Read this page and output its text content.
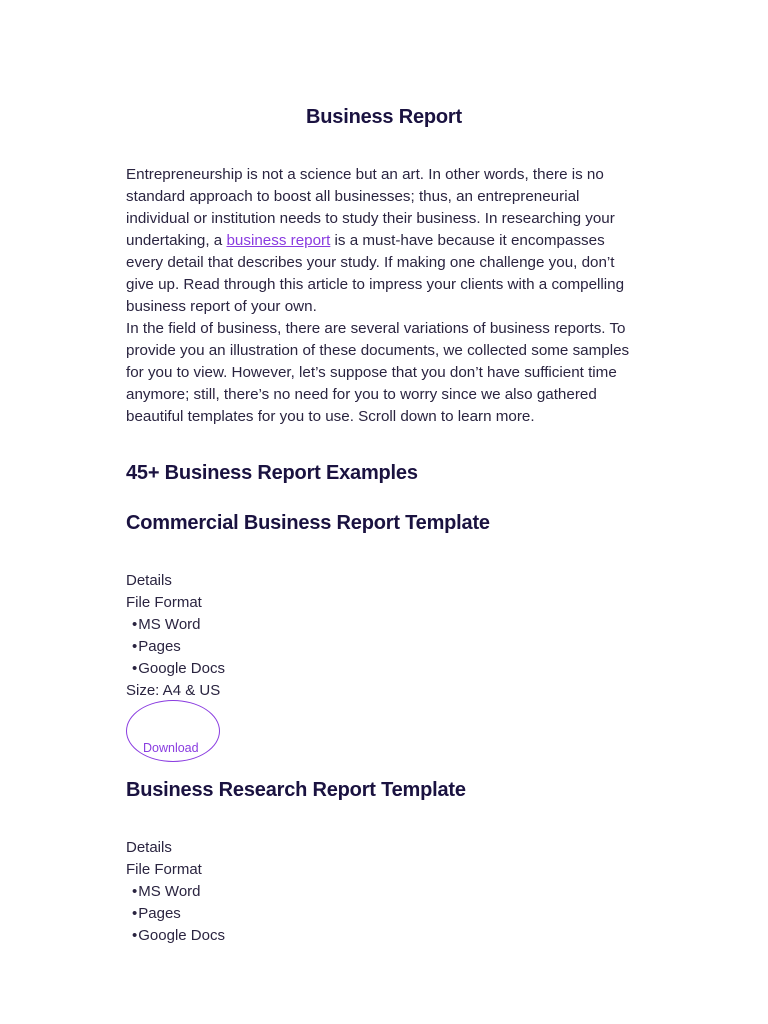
Business Report

Entrepreneurship is not a science but an art. In other words, there is no standard approach to boost all businesses; thus, an entrepreneurial individual or institution needs to study their business. In researching your undertaking, a business report is a must-have because it encompasses every detail that describes your study. If making one challenge you, don’t give up. Read through this article to impress your clients with a compelling business report of your own.

In the field of business, there are several variations of business reports. To provide you an illustration of these documents, we collected some samples for you to view. However, let’s suppose that you don’t have sufficient time anymore; still, there’s no need for you to worry since we also gathered beautiful templates for you to use. Scroll down to learn more.

45+ Business Report Examples
Commercial Business Report Template
Details
File Format
• MS Word
• Pages
• Google Docs
Size: A4 & US
Download
Business Research Report Template
Details
File Format
• MS Word
• Pages
• Google Docs
